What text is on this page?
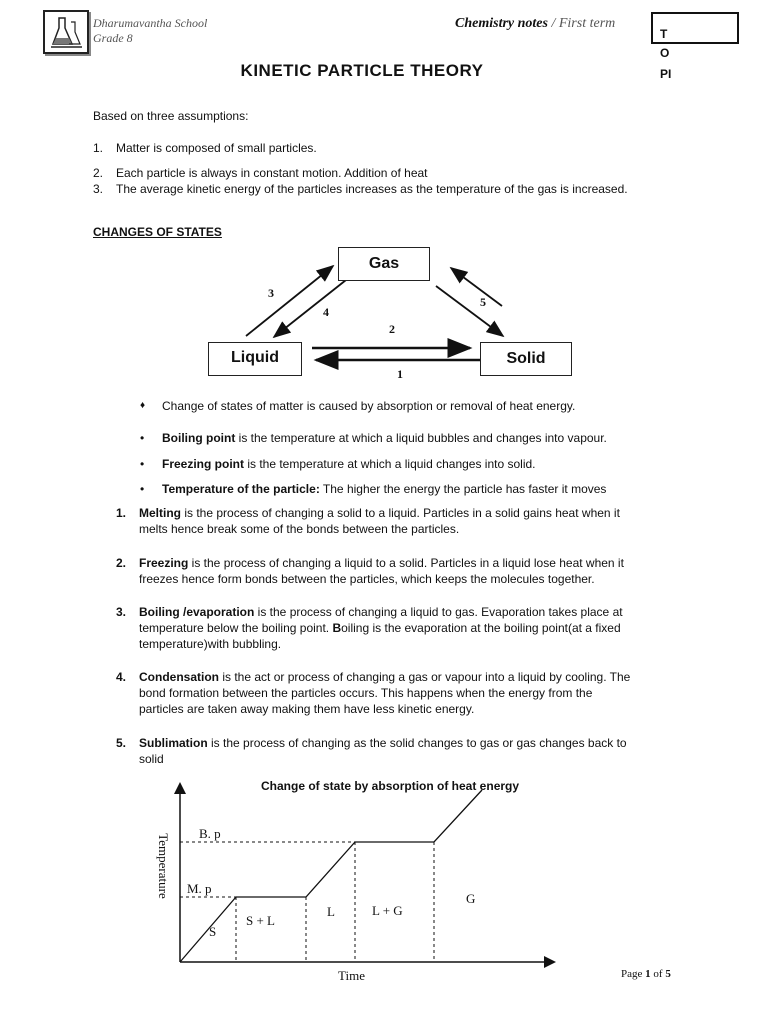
Dharumavantha School
Grade 8
Chemistry notes / First term
T
O
PI
KINETIC PARTICLE THEORY
Based on three assumptions:
1. Matter is composed of small particles.
2. Each particle is always in constant motion. Addition of heat
3. The average kinetic energy of the particles increases as the temperature of the gas is increased.
CHANGES OF STATES
Gas
Liquid	Solid
3
4
5
2
1
♦ Change of states of matter is caused by absorption or removal of heat energy.
• Boiling point is the temperature at which a liquid bubbles and changes into vapour.
• Freezing point is the temperature at which a liquid changes into solid.
• Temperature of the particle: The higher the energy the particle has faster it moves
1. Melting is the process of changing a solid to a liquid. Particles in a solid gains heat when it
melts hence break some of the bonds between the particles.
2. Freezing is the process of changing a liquid to a solid. Particles in a liquid lose heat when it
freezes hence form bonds between the particles, which keeps the molecules together.
3. Boiling /evaporation is the process of changing a liquid to gas. Evaporation takes place at
temperature below the boiling point. Boiling is the evaporation at the boiling point(at a fixed
temperature)with bubbling.
4. Condensation is the act or process of changing a gas or vapour into a liquid by cooling. The
bond formation between the particles occurs. This happens when the energy from the
particles are taken away making them have less kinetic energy.
5. Sublimation is the process of changing as the solid changes to gas or gas changes back to
solid
Change of state by absorption of heat energy
B. p
M. p
S
S + L
L	L + G
G
Time
Temperature
Page 1 of 5
